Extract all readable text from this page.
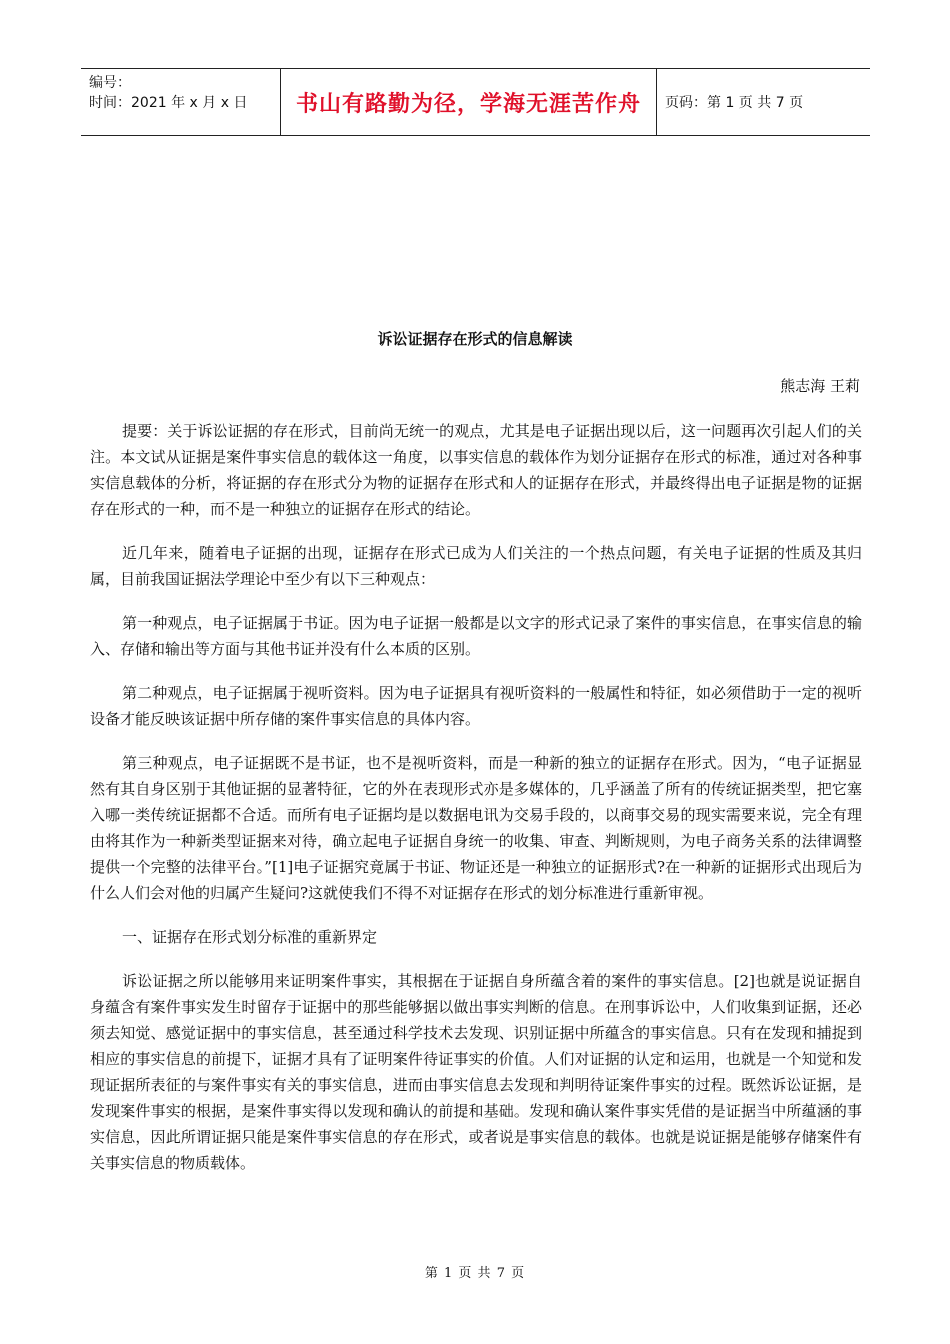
编号：
时间：2021 年 x 月 x 日	书山有路勤为径，学海无涯苦作舟 页码：第 1 页 共 7 页
诉讼证据存在形式的信息解读
熊志海 王莉

提要：关于诉讼证据的存在形式，目前尚无统一的观点，尤其是电子证据出现以后，这一问题再次引起人们的关注。本文试从证据是案件事实信息的载体这一角度，以事实信息的载体作为划分证据存在形式的标准，通过对各种事实信息载体的分析，将证据的存在形式分为物的证据存在形式和人的证据存在形式，并最终得出电子证据是物的证据存在形式的一种，而不是一种独立的证据存在形式的结论。

近几年来，随着电子证据的出现，证据存在形式已成为人们关注的一个热点问题，有关电子证据的性质及其归属，目前我国证据法学理论中至少有以下三种观点：

第一种观点，电子证据属于书证。因为电子证据一般都是以文字的形式记录了案件的事实信息，在事实信息的输入、存储和输出等方面与其他书证并没有什么本质的区别。

第二种观点，电子证据属于视听资料。因为电子证据具有视听资料的一般属性和特征，如必须借助于一定的视听设备才能反映该证据中所存储的案件事实信息的具体内容。

第三种观点，电子证据既不是书证，也不是视听资料，而是一种新的独立的证据存在形式。因为，“电子证据显然有其自身区别于其他证据的显著特征，它的外在表现形式亦是多媒体的，几乎涵盖了所有的传统证据类型，把它塞入哪一类传统证据都不合适。而所有电子证据均是以数据电讯为交易手段的，以商事交易的现实需要来说，完全有理由将其作为一种新类型证据来对待，确立起电子证据自身统一的收集、审查、判断规则，为电子商务关系的法律调整提供一个完整的法律平台。”[1]电子证据究竟属于书证、物证还是一种独立的证据形式?在一种新的证据形式出现后为什么人们会对他的归属产生疑问?这就使我们不得不对证据存在形式的划分标准进行重新审视。

一、证据存在形式划分标准的重新界定

诉讼证据之所以能够用来证明案件事实，其根据在于证据自身所蕴含着的案件的事实信息。[2]也就是说证据自身蕴含有案件事实发生时留存于证据中的那些能够据以做出事实判断的信息。在刑事诉讼中，人们收集到证据，还必须去知觉、感觉证据中的事实信息，甚至通过科学技术去发现、识别证据中所蕴含的事实信息。只有在发现和捕捉到相应的事实信息的前提下，证据才具有了证明案件待证事实的价值。人们对证据的认定和运用，也就是一个知觉和发现证据所表征的与案件事实有关的事实信息，进而由事实信息去发现和判明待证案件事实的过程。既然诉讼证据，是发现案件事实的根据，是案件事实得以发现和确认的前提和基础。发现和确认案件事实凭借的是证据当中所蕴涵的事实信息，因此所谓证据只能是案件事实信息的存在形式，或者说是事实信息的载体。也就是说证据是能够存储案件有关事实信息的物质载体。

第 1 页 共 7 页
